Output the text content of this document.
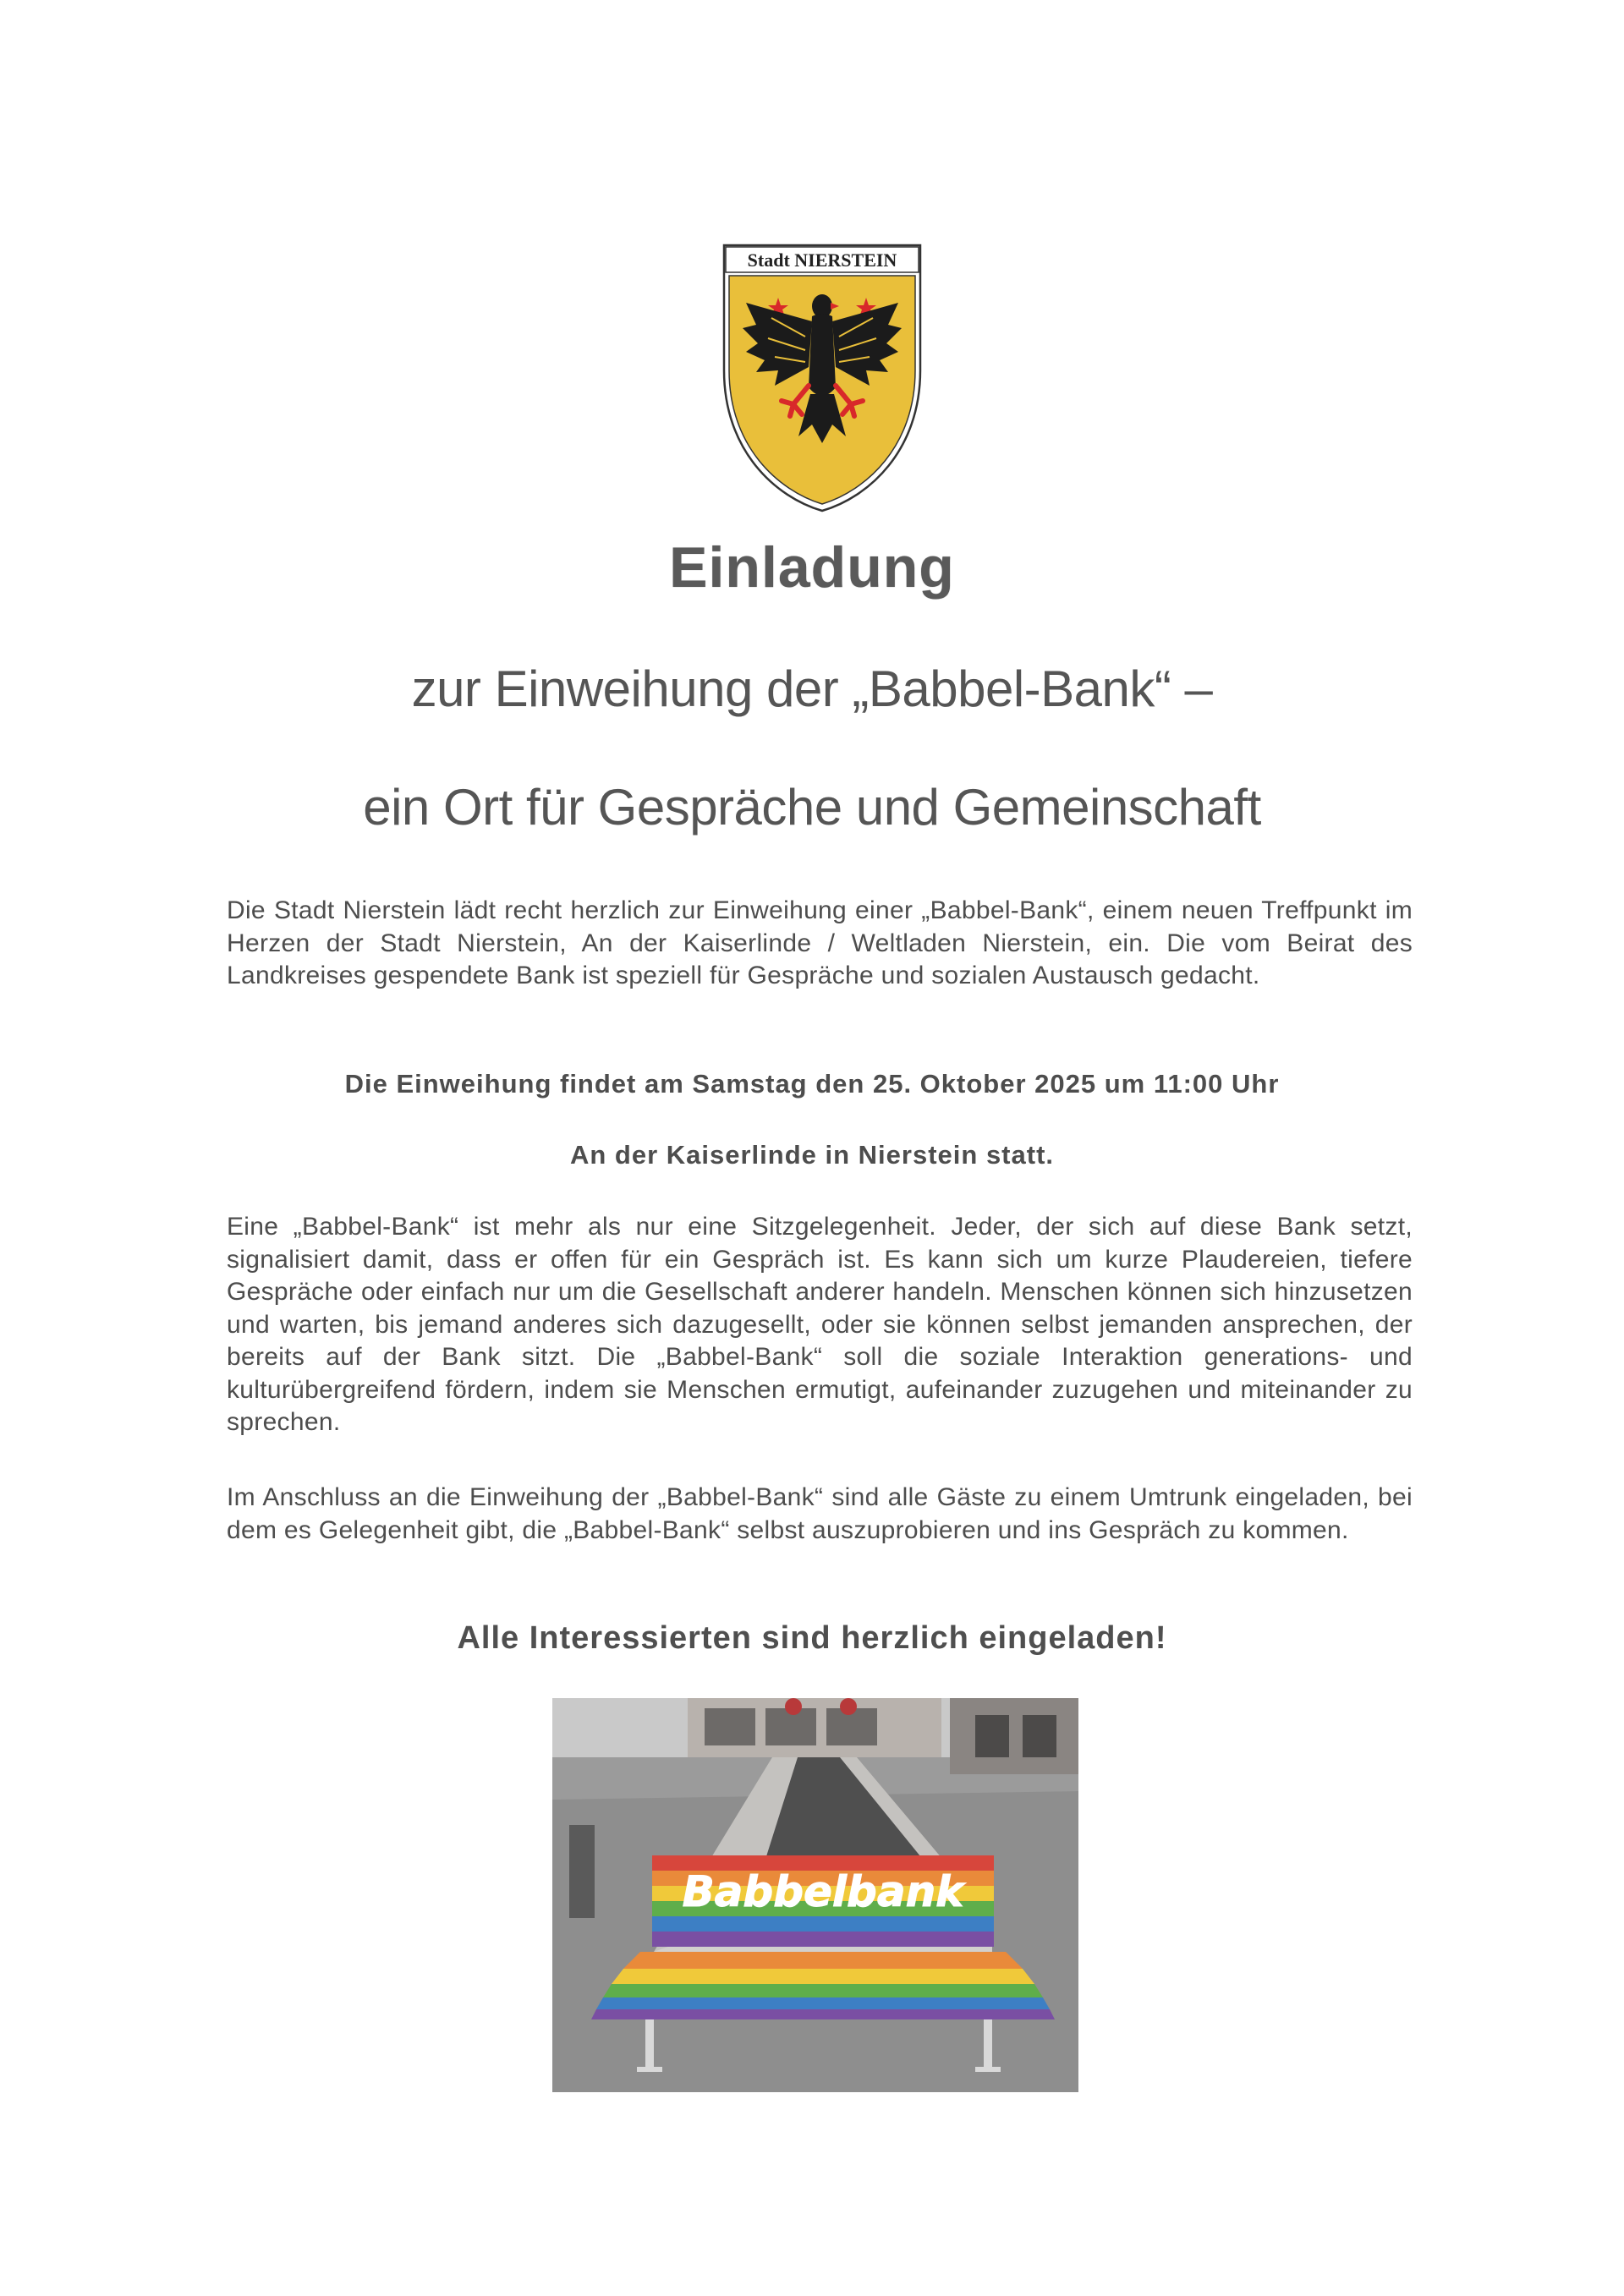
Stadt NIERSTEIN
Einladung
zur Einweihung der „Babbel-Bank“ –
ein Ort für Gespräche und Gemeinschaft
Die Stadt Nierstein lädt recht herzlich zur Einweihung einer „Babbel-Bank“, einem neuen Treffpunkt im Herzen der Stadt Nierstein, An der Kaiserlinde / Weltladen Nierstein, ein. Die vom Beirat des Landkreises gespendete Bank ist speziell für Gespräche und sozialen Austausch gedacht.
Die Einweihung findet am Samstag den 25. Oktober 2025 um 11:00 Uhr
An der Kaiserlinde in Nierstein statt.
Eine „Babbel-Bank“ ist mehr als nur eine Sitzgelegenheit. Jeder, der sich auf diese Bank setzt, signalisiert damit, dass er offen für ein Gespräch ist. Es kann sich um kurze Plaudereien, tiefere Gespräche oder einfach nur um die Gesellschaft anderer handeln. Menschen können sich hinzusetzen und warten, bis jemand anderes sich dazugesellt, oder sie können selbst jemanden ansprechen, der bereits auf der Bank sitzt. Die „Babbel-Bank“ soll die soziale Interaktion generations- und kulturübergreifend fördern, indem sie Menschen ermutigt, aufeinander zuzugehen und miteinander zu sprechen.
Im Anschluss an die Einweihung der „Babbel-Bank“ sind alle Gäste zu einem Umtrunk eingeladen, bei dem es Gelegenheit gibt, die „Babbel-Bank“ selbst auszuprobieren und ins Gespräch zu kommen.
Alle Interessierten sind herzlich eingeladen!
Babbelbank
